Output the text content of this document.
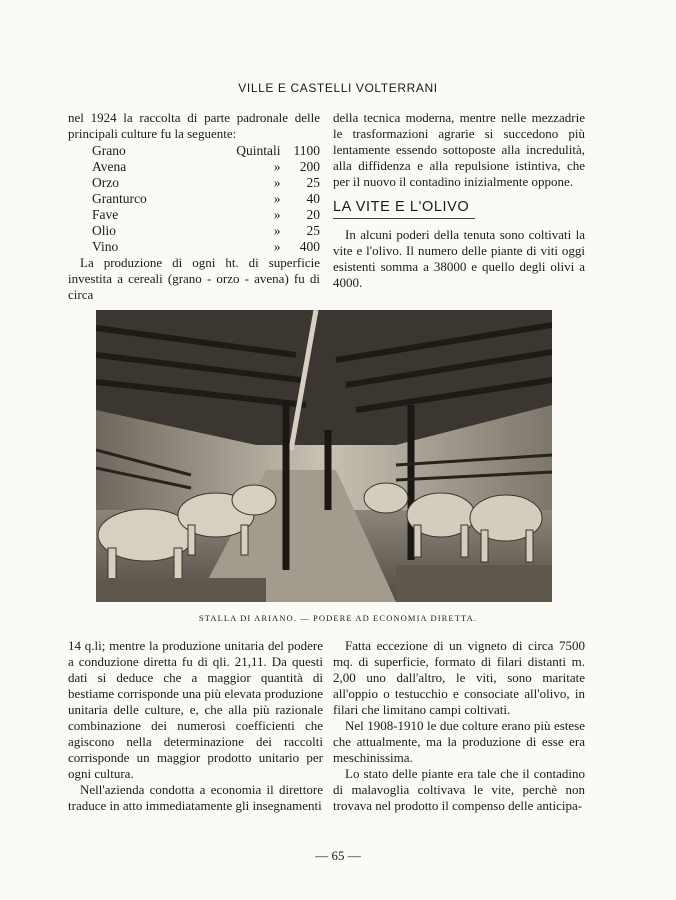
VILLE E CASTELLI VOLTERRANI

nel 1924 la raccolta di parte padronale delle principali culture fu la seguente:

Grano	Quintali	1100
Avena	»	200
Orzo	»	25
Granturco	»	40
Fave	»	20
Olio	»	25
Vino	»	400

La produzione di ogni ht. di superficie investita a cereali (grano - orzo - avena) fu di circa

della tecnica moderna, mentre nelle mezzadrie le trasformazioni agrarie si succedono più lentamente essendo sottoposte alla incredulità, alla diffidenza e alla repulsione istintiva, che per il nuovo il contadino inizialmente oppone.

LA VITE E L'OLIVO

In alcuni poderi della tenuta sono coltivati la vite e l'olivo. Il numero delle piante di viti oggi esistenti somma a 38000 e quello degli olivi a 4000.

STALLA DI ARIANO. — PODERE AD ECONOMIA DIRETTA.

14 q.li; mentre la produzione unitaria del podere a conduzione diretta fu di qli. 21,11. Da questi dati si deduce che a maggior quantità di bestiame corrisponde una più elevata produzione unitaria delle culture, e, che alla più razionale combinazione dei numerosi coefficienti che agiscono nella determinazione dei raccolti corrisponde un maggior prodotto unitario per ogni cultura.

Nell'azienda condotta a economia il direttore traduce in atto immediatamente gli insegnamenti

Fatta eccezione di un vigneto di circa 7500 mq. di superficie, formato di filari distanti m. 2,00 uno dall'altro, le viti, sono maritate all'oppio o testucchio e consociate all'olivo, in filari che limitano campi coltivati.

Nel 1908-1910 le due colture erano più estese che attualmente, ma la produzione di esse era meschinissima.

Lo stato delle piante era tale che il contadino di malavoglia coltivava le vite, perchè non trovava nel prodotto il compenso delle anticipa-

— 65 —
